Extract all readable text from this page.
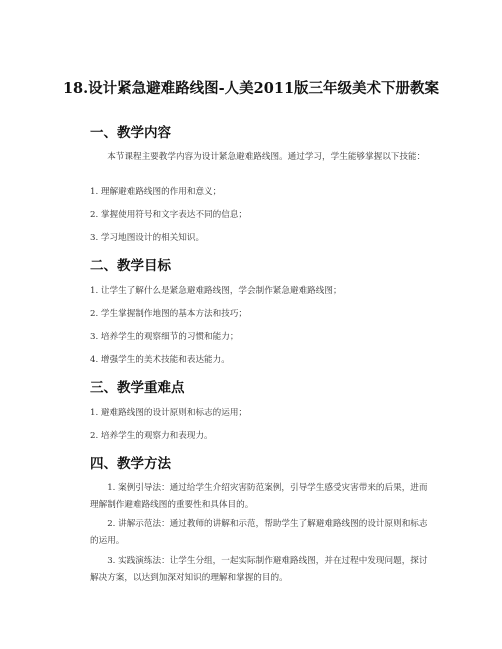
18.设计紧急避难路线图-人美2011版三年级美术下册教案
一、教学内容
本节课程主要教学内容为设计紧急避难路线图。通过学习，学生能够掌握以下技能：
1. 理解避难路线图的作用和意义；
2. 掌握使用符号和文字表达不同的信息；
3. 学习地图设计的相关知识。
二、教学目标
1. 让学生了解什么是紧急避难路线图，学会制作紧急避难路线图；
2. 学生掌握制作地图的基本方法和技巧；
3. 培养学生的观察细节的习惯和能力；
4. 增强学生的美术技能和表达能力。
三、教学重难点
1. 避难路线图的设计原则和标志的运用；
2. 培养学生的观察力和表现力。
四、教学方法
1. 案例引导法：通过给学生介绍灾害防范案例，引导学生感受灾害带来的后果，进而理解制作避难路线图的重要性和具体目的。
2. 讲解示范法：通过教师的讲解和示范，帮助学生了解避难路线图的设计原则和标志的运用。
3. 实践演练法：让学生分组，一起实际制作避难路线图，并在过程中发现问题，探讨解决方案，以达到加深对知识的理解和掌握的目的。
